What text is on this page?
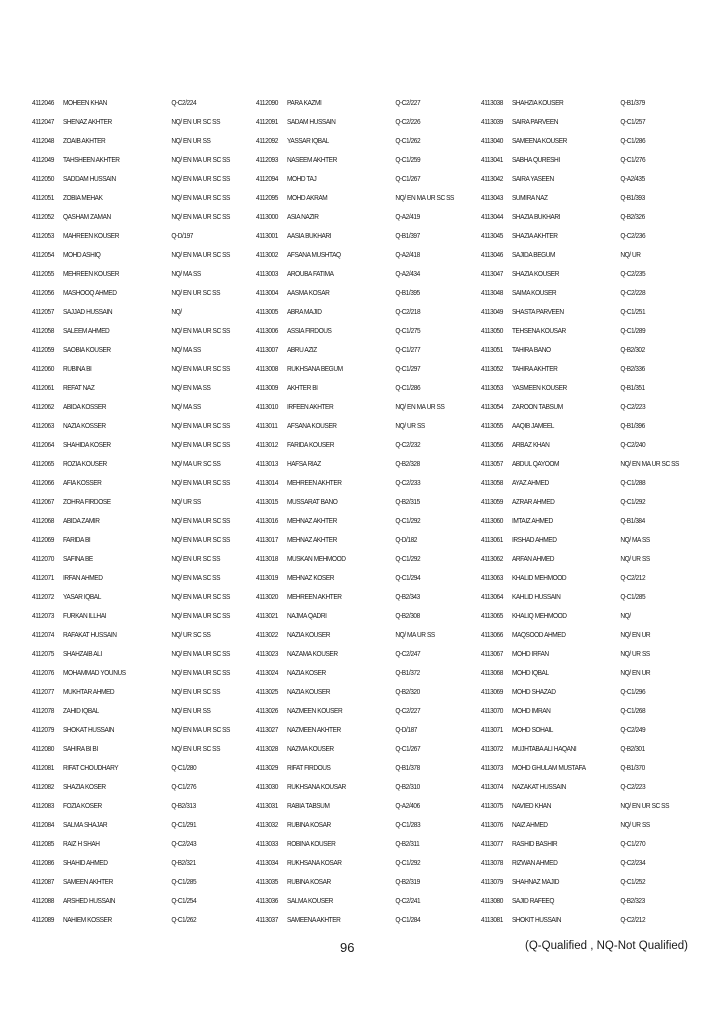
4112046	MOHEEN KHAN	Q-C2/224
4112047	SHENAZ AKHTER	NQ/ EN UR SC SS
4112048	ZOAIB AKHTER	NQ/ EN UR SS
4112049	TAHSHEEN AKHTER	NQ/ EN MA UR SC SS
4112050	SADDAM HUSSAIN	NQ/ EN MA UR SC SS
4112051	ZOBIA MEHAK	NQ/ EN MA UR SC SS
4112052	QASHAM ZAMAN	NQ/ EN MA UR SC SS
4112053	MAHREEN KOUSER	Q-D/197
4112054	MOHD ASHIQ	NQ/ EN MA UR SC SS
4112055	MEHREEN KOUSER	NQ/ MA SS
4112056	MASHOOQ AHMED	NQ/ EN UR SC SS
4112057	SAJJAD HUSSAIN	NQ/
4112058	SALEEM AHMED	NQ/ EN MA UR SC SS
4112059	SAOBIA KOUSER	NQ/ MA SS
4112060	RUBINA BI	NQ/ EN MA UR SC SS
4112061	REFAT NAZ	NQ/ EN MA SS
4112062	ABIDA KOSSER	NQ/ MA SS
4112063	NAZIA KOSSER	NQ/ EN MA UR SC SS
4112064	SHAHIDA KOSER	NQ/ EN MA UR SC SS
4112065	ROZIA KOUSER	NQ/ MA UR SC SS
4112066	AFIA KOSSER	NQ/ EN MA UR SC SS
4112067	ZOHRA FIRDOSE	NQ/ UR SS
4112068	ABIDA ZAMIR	NQ/ EN MA UR SC SS
4112069	FARIDA BI	NQ/ EN MA UR SC SS
4112070	SAFINA BE	NQ/ EN UR SC SS
4112071	IRFAN AHMED	NQ/ EN MA SC SS
4112072	YASAR IQBAL	NQ/ EN MA UR SC SS
4112073	FURKAN ILLHAI	NQ/ EN MA UR SC SS
4112074	RAFAKAT HUSSAIN	NQ/ UR SC SS
4112075	SHAHZAIB ALI	NQ/ EN MA UR SC SS
4112076	MOHAMMAD YOUNUS	NQ/ EN MA UR SC SS
4112077	MUKHTAR AHMED	NQ/ EN UR SC SS
4112078	ZAHID IQBAL	NQ/ EN UR SS
4112079	SHOKAT HUSSAIN	NQ/ EN MA UR SC SS
4112080	SAHIRA BI BI	NQ/ EN UR SC SS
4112081	RIFAT CHOUDHARY	Q-C1/280
4112082	SHAZIA KOSER	Q-C1/276
4112083	FOZIA KOSER	Q-B2/313
4112084	SALMA SHAJAR	Q-C1/291
4112085	RAIZ H SHAH	Q-C2/243
4112086	SHAHID AHMED	Q-B2/321
4112087	SAMEEN AKHTER	Q-C1/285
4112088	ARSHED HUSSAIN	Q-C1/254
4112089	NAHIEM KOSSER	Q-C1/262
4112090	PARA KAZMI	Q-C2/227
4112091	SADAM HUSSAIN	Q-C2/226
4112092	YASSAR IQBAL	Q-C1/262
4112093	NASEEM AKHTER	Q-C1/259
4112094	MOHD TAJ	Q-C1/267
4112095	MOHD AKRAM	NQ/ EN MA UR SC SS
4113000	ASIA NAZIR	Q-A2/419
4113001	AASIA BUKHARI	Q-B1/397
4113002	AFSANA MUSHTAQ	Q-A2/418
4113003	AROUBA FATIMA	Q-A2/434
4113004	AASMA KOSAR	Q-B1/395
4113005	ABRA MAJID	Q-C2/218
4113006	ASSIA FIRDOUS	Q-C1/275
4113007	ABRU AZIZ	Q-C1/277
4113008	RUKHSANA BEGUM	Q-C1/297
4113009	AKHTER BI	Q-C1/286
4113010	IRFEEN AKHTER	NQ/ EN MA UR SS
4113011	AFSANA KOUSER	NQ/ UR SS
4113012	FARIDA KOUSER	Q-C2/232
4113013	HAFSA RIAZ	Q-B2/328
4113014	MEHREEN AKHTER	Q-C2/233
4113015	MUSSARAT BANO	Q-B2/315
4113016	MEHNAZ AKHTER	Q-C1/292
4113017	MEHNAZ AKHTER	Q-D/182
4113018	MUSKAN MEHMOOD	Q-C1/292
4113019	MEHNAZ KOSER	Q-C1/294
4113020	MEHREEN AKHTER	Q-B2/343
4113021	NAJMA QADRI	Q-B2/308
4113022	NAZIA KOUSER	NQ/ MA UR SS
4113023	NAZAMA KOUSER	Q-C2/247
4113024	NAZIA KOSER	Q-B1/372
4113025	NAZIA KOUSER	Q-B2/320
4113026	NAZMEEN KOUSER	Q-C2/227
4113027	NAZMEEN AKHTER	Q-D/187
4113028	NAZMA KOUSER	Q-C1/267
4113029	RIFAT FIRDOUS	Q-B1/378
4113030	RUKHSANA KOUSAR	Q-B2/310
4113031	RABIA TABSUM	Q-A2/406
4113032	RUBINA KOSAR	Q-C1/283
4113033	ROBINA KOUSER	Q-B2/311
4113034	RUKHSANA KOSAR	Q-C1/292
4113035	RUBINA KOSAR	Q-B2/319
4113036	SALMA KOUSER	Q-C2/241
4113037	SAMEENA AKHTER	Q-C1/284
4113038	SHAHZIA KOUSER	Q-B1/379
4113039	SAIRA PARVEEN	Q-C1/257
4113040	SAMEENA KOUSER	Q-C1/286
4113041	SABHA QURESHI	Q-C1/276
4113042	SAIRA YASEEN	Q-A2/435
4113043	SUMIRA NAZ	Q-B1/393
4113044	SHAZIA BUKHARI	Q-B2/326
4113045	SHAZIA AKHTER	Q-C2/236
4113046	SAJIDA BEGUM	NQ/ UR
4113047	SHAZIA KOUSER	Q-C2/235
4113048	SAIMA KOUSER	Q-C2/228
4113049	SHASTA PARVEEN	Q-C1/251
4113050	TEHSENA KOUSAR	Q-C1/289
4113051	TAHIRA BANO	Q-B2/302
4113052	TAHIRA AKHTER	Q-B2/336
4113053	YASMEEN KOUSER	Q-B1/351
4113054	ZAROON TABSUM	Q-C2/223
4113055	AAQIB JAMEEL	Q-B1/396
4113056	ARBAZ KHAN	Q-C2/240
4113057	ABDUL QAYOOM	NQ/ EN MA UR SC SS
4113058	AYAZ AHMED	Q-C1/288
4113059	AZRAR AHMED	Q-C1/292
4113060	IMTAIZ AHMED	Q-B1/384
4113061	IRSHAD AHMED	NQ/ MA SS
4113062	ARFAN AHMED	NQ/ UR SS
4113063	KHALID MEHMOOD	Q-C2/212
4113064	KAHLID HUSSAIN	Q-C1/285
4113065	KHALIQ MEHMOOD	NQ/
4113066	MAQSOOD AHMED	NQ/ EN UR
4113067	MOHD IRFAN	NQ/ UR SS
4113068	MOHD IQBAL	NQ/ EN UR
4113069	MOHD SHAZAD	Q-C1/296
4113070	MOHD IMRAN	Q-C1/268
4113071	MOHD SOHAIL	Q-C2/249
4113072	MUJHTABA ALI HAQANI	Q-B2/301
4113073	MOHD GHULAM MUSTAFA	Q-B1/370
4113074	NAZAKAT HUSSAIN	Q-C2/223
4113075	NAVIED KHAN	NQ/ EN UR SC SS
4113076	NAIZ AHMED	NQ/ UR SS
4113077	RASHID BASHIR	Q-C1/270
4113078	RIZWAN AHMED	Q-C2/234
4113079	SHAHNAZ MAJID	Q-C1/252
4113080	SAJID RAFEEQ	Q-B2/323
4113081	SHOKIT HUSSAIN	Q-C2/212
96	(Q-Qualified , NQ-Not Qualified)
